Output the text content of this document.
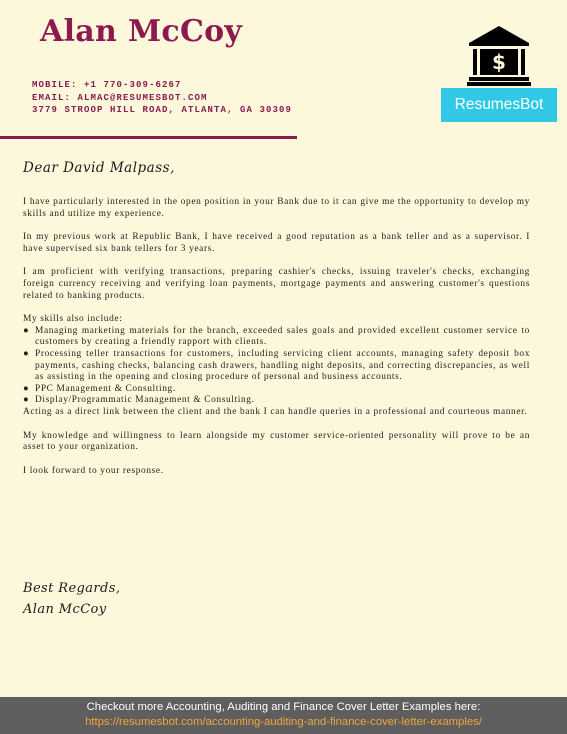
Alan McCoy
MOBILE: +1 770-309-6267
EMAIL: ALMAC@RESUMESBOT.COM
3779 STROOP HILL ROAD, ATLANTA, GA 30309
$
ResumesBot
Dear David Malpass,

I have particularly interested in the open position in your Bank due to it can give me the opportunity to develop my skills and utilize my experience.

In my previous work at Republic Bank, I have received a good reputation as a bank teller and as a supervisor. I have supervised six bank tellers for 3 years.

I am proficient with verifying transactions, preparing cashier's checks, issuing traveler's checks, exchanging foreign currency receiving and verifying loan payments, mortgage payments and answering customer's questions related to banking products.

My skills also include:

● Managing marketing materials for the branch, exceeded sales goals and provided excellent customer service to customers by creating a friendly rapport with clients.
● Processing teller transactions for customers, including servicing client accounts, managing safety deposit box payments, cashing checks, balancing cash drawers, handling night deposits, and correcting discrepancies, as well as assisting in the opening and closing procedure of personal and business accounts.
● PPC Management & Consulting.
● Display/Programmatic Management & Consulting.

Acting as a direct link between the client and the bank I can handle queries in a professional and courteous manner.

My knowledge and willingness to learn alongside my customer service-oriented personality will prove to be an asset to your organization.

I look forward to your response.

Best Regards,
Alan McCoy
Checkout more Accounting, Auditing and Finance Cover Letter Examples here:
https://resumesbot.com/accounting-auditing-and-finance-cover-letter-examples/
